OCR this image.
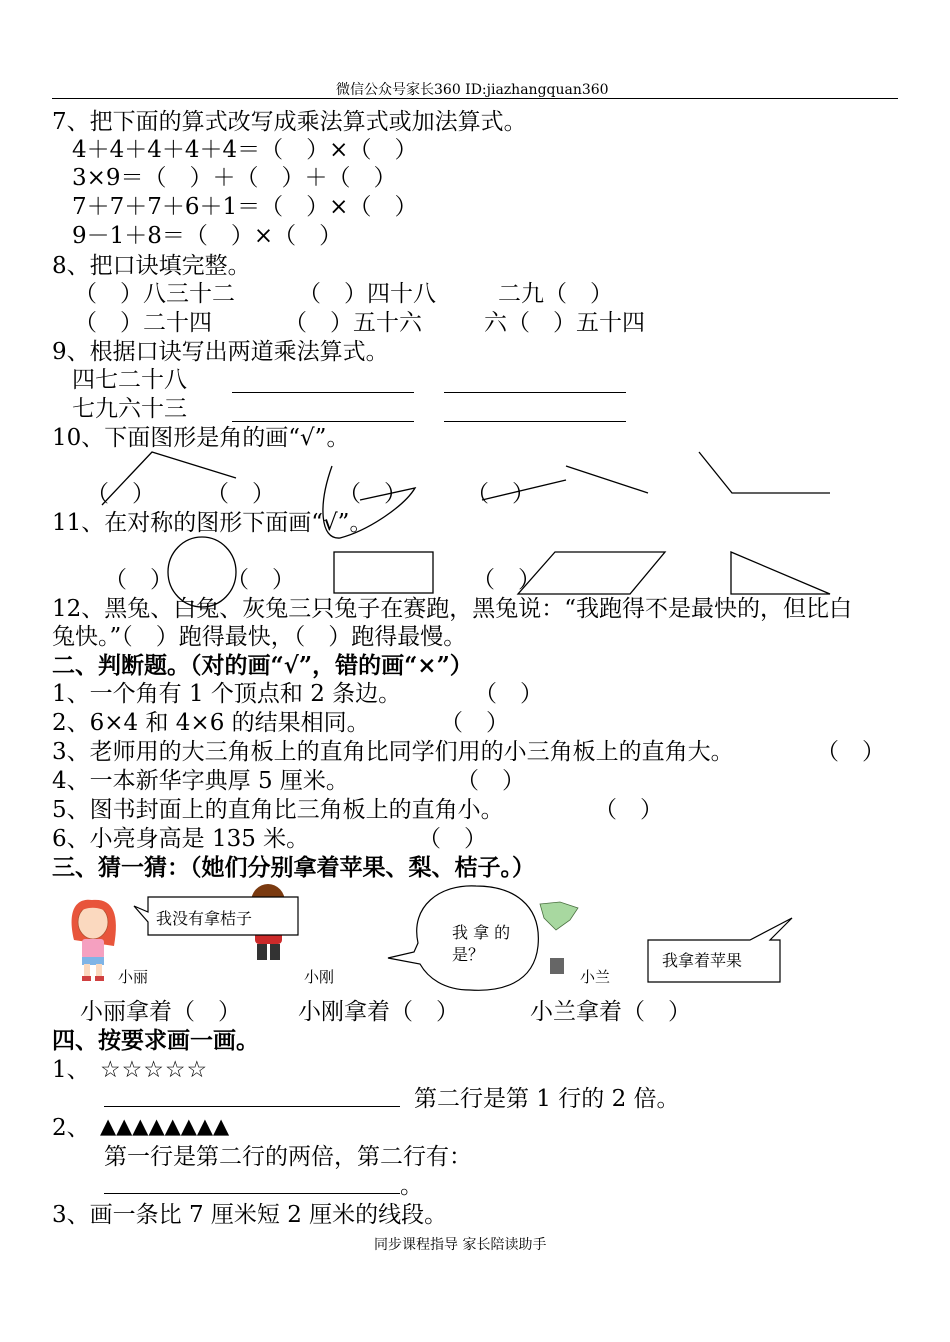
微信公众号家长360 ID:jiazhangquan360
7、把下面的算式改写成乘法算式或加法算式。
4＋4＋4＋4＋4＝（　）×（　）
3×9＝（　）＋（　）＋（　）
7＋7＋7＋6＋1＝（　）×（　）
9－1＋8＝（　）×（　）
8、把口诀填完整。
（　）八三十二	（　）四十八	二九（　）
（　）二十四	（　）五十六	六（　）五十四
9、根据口诀写出两道乘法算式。
四七二十八
七九六十三
10、下面图形是角的画“√”。
（　） （　）	（　）	（　）
11、在对称的图形下面画“√”。
（　） （　）	（　）
12、黑兔、白兔、灰兔三只兔子在赛跑，黑兔说：“我跑得不是最快的，但比白
兔快。”（　）跑得最快，（　）跑得最慢。
二、判断题。（对的画“√”，错的画“×”）
1、一个角有 1 个顶点和 2 条边。	（　）
2、6×4 和 4×6 的结果相同。	（　）
3、老师用的大三角板上的直角比同学们用的小三角板上的直角大。	（　）
4、一本新华字典厚 5 厘米。	（　）
5、图书封面上的直角比三角板上的直角小。	（　）
6、小亮身高是 135 米。	（　）
三、猜一猜：（她们分别拿着苹果、梨、桔子。）
我没有拿桔子
我 拿 的
是？	我拿着苹果
小丽	小刚	小兰
小丽拿着（　） 小刚拿着（　）	小兰拿着（　）
四、按要求画一画。
1、 ☆☆☆☆☆
第二行是第 1 行的 2 倍。
2、 ▲▲▲▲▲▲▲▲
第一行是第二行的两倍，第二行有：
。
3、画一条比 7 厘米短 2 厘米的线段。
同步课程指导 家长陪读助手
